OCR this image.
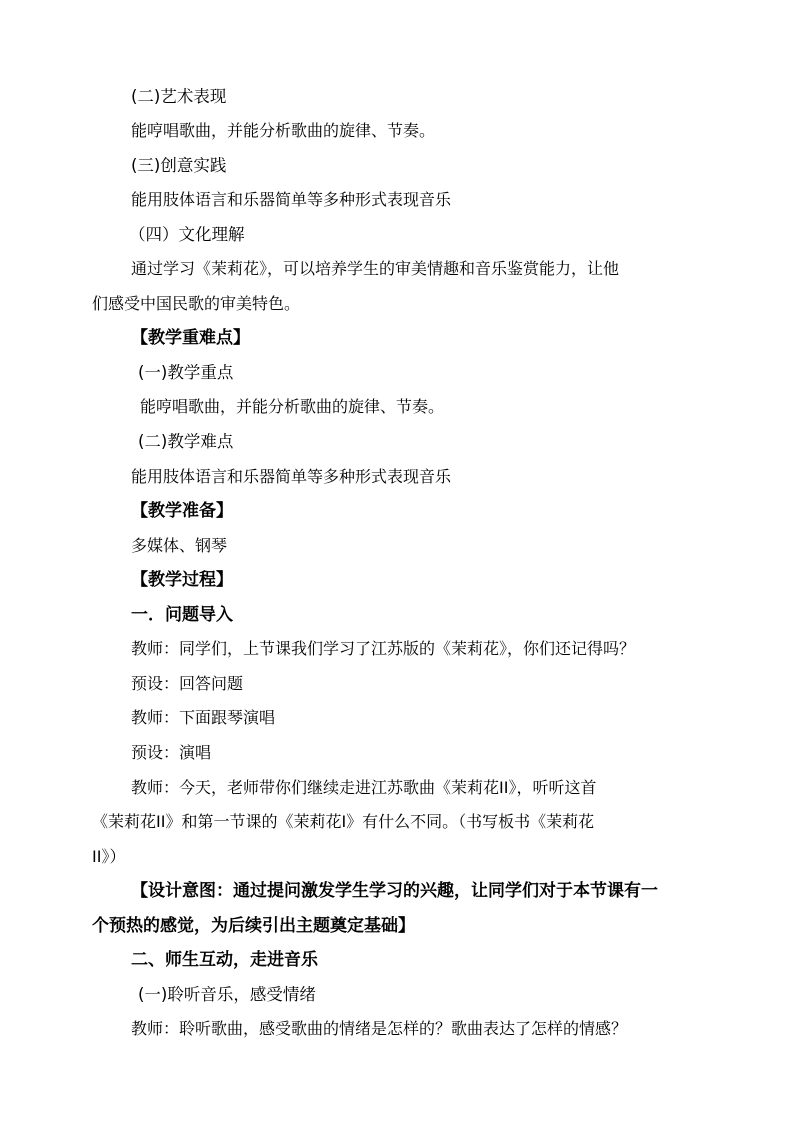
(二)艺术表现
能哼唱歌曲，并能分析歌曲的旋律、节奏。
(三)创意实践
能用肢体语言和乐器简单等多种形式表现音乐
（四）文化理解
通过学习《茉莉花》，可以培养学生的审美情趣和音乐鉴赏能力，让他
们感受中国民歌的审美特色。
【教学重难点】
(一)教学重点
能哼唱歌曲，并能分析歌曲的旋律、节奏。
(二)教学难点
能用肢体语言和乐器简单等多种形式表现音乐
【教学准备】
多媒体、钢琴
【教学过程】
一．问题导入
教师：同学们，上节课我们学习了江苏版的《茉莉花》，你们还记得吗？
预设：回答问题
教师：下面跟琴演唱
预设：演唱
教师：今天，老师带你们继续走进江苏歌曲《茉莉花II》，听听这首
《茉莉花II》和第一节课的《茉莉花I》有什么不同。（书写板书《茉莉花
II》）
【设计意图：通过提问激发学生学习的兴趣，让同学们对于本节课有一
个预热的感觉，为后续引出主题奠定基础】
二、师生互动，走进音乐
(一)聆听音乐，感受情绪
教师：聆听歌曲，感受歌曲的情绪是怎样的？歌曲表达了怎样的情感？
